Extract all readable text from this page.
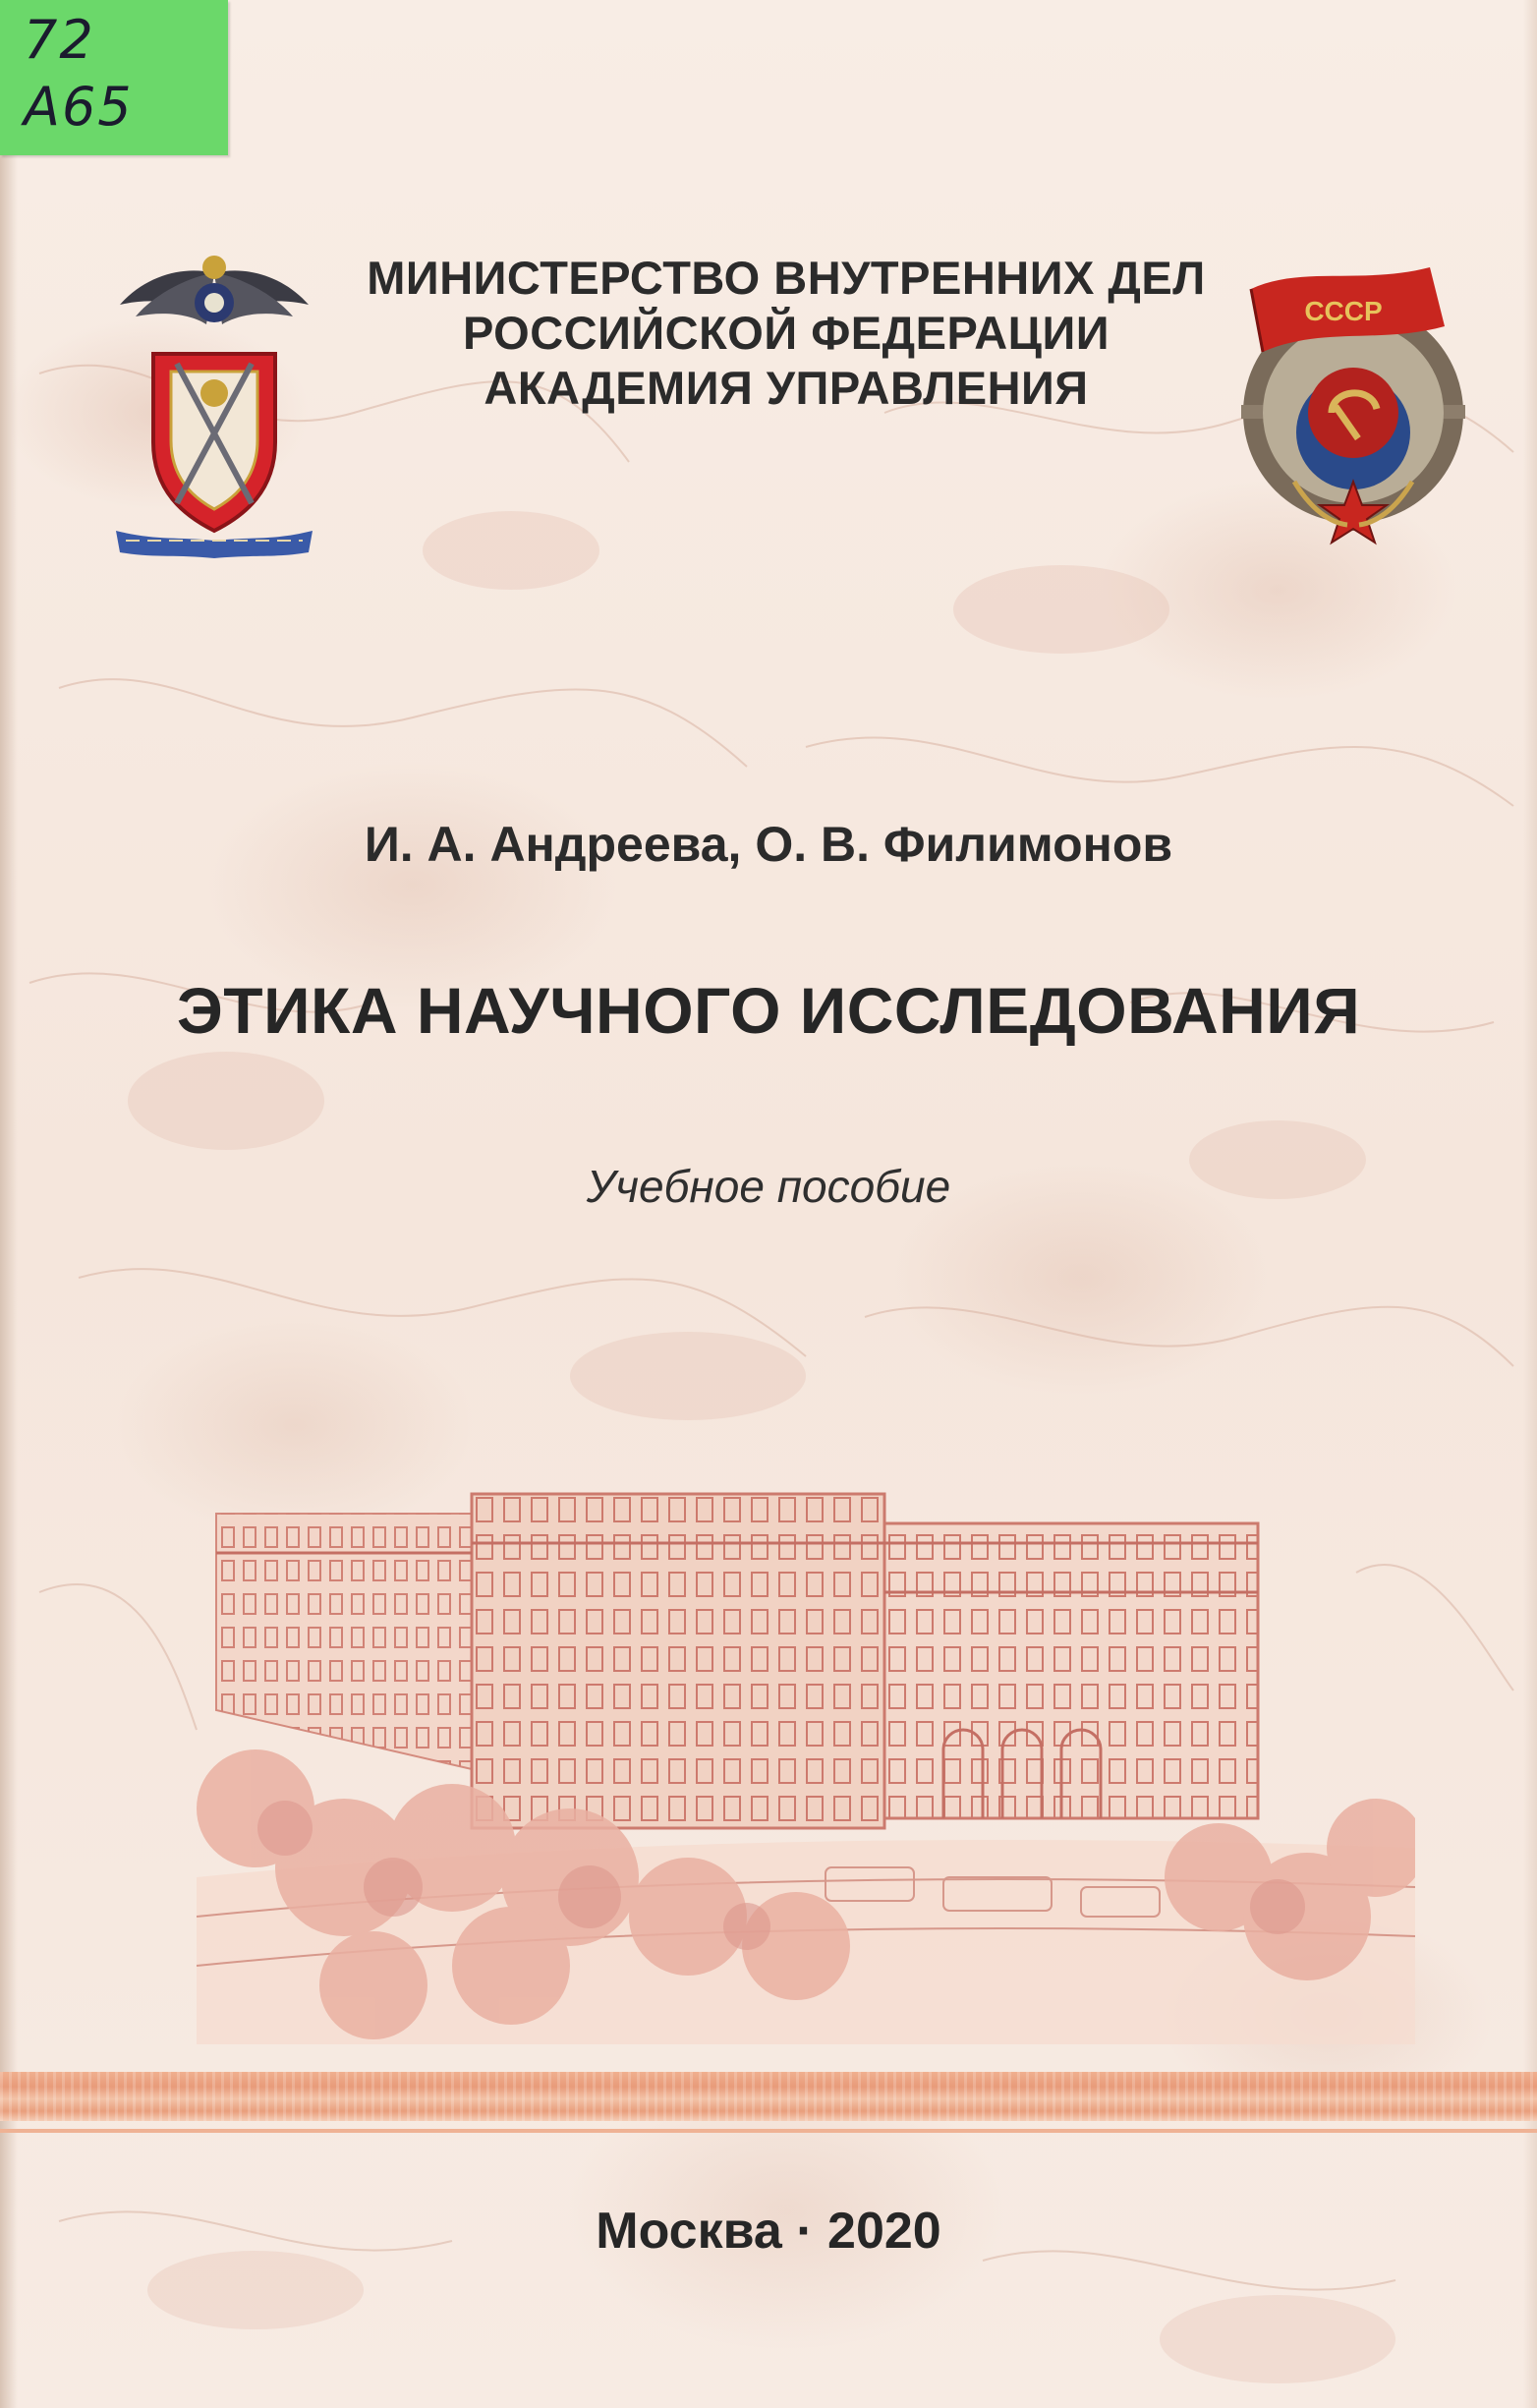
72
А65
СССР
МИНИСТЕРСТВО ВНУТРЕННИХ ДЕЛ
РОССИЙСКОЙ ФЕДЕРАЦИИ
АКАДЕМИЯ УПРАВЛЕНИЯ
И. А. Андреева, О. В. Филимонов
ЭТИКА НАУЧНОГО ИССЛЕДОВАНИЯ
Учебное пособие
Москва · 2020
